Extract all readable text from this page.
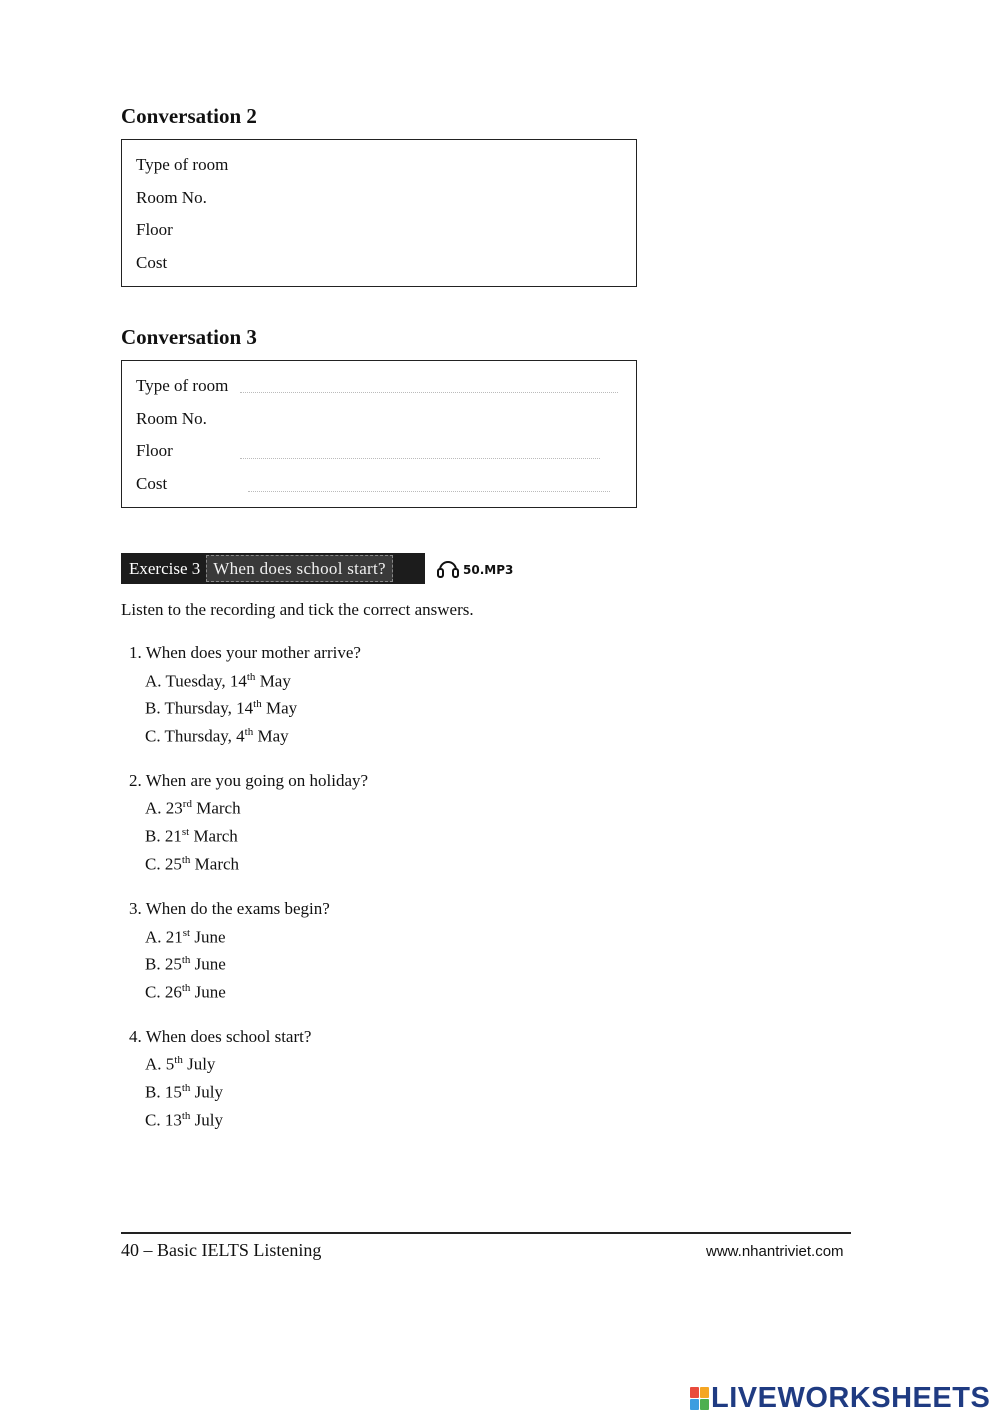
Conversation 2
Type of room
Room No.
Floor
Cost
Conversation 3
Type of room
Room No.
Floor
Cost
Exercise 3 When does school start?	50.MP3
Listen to the recording and tick the correct answers.
1. When does your mother arrive?
A. Tuesday, 14th May
B. Thursday, 14th May
C. Thursday, 4th May
2. When are you going on holiday?
A. 23rd March
B. 21st March
C. 25th March
3. When do the exams begin?
A. 21st June
B. 25th June
C. 26th June
4. When does school start?
A. 5th July
B. 15th July
C. 13th July
40 – Basic IELTS Listening	www.nhantriviet.com
LIVEWORKSHEETS
